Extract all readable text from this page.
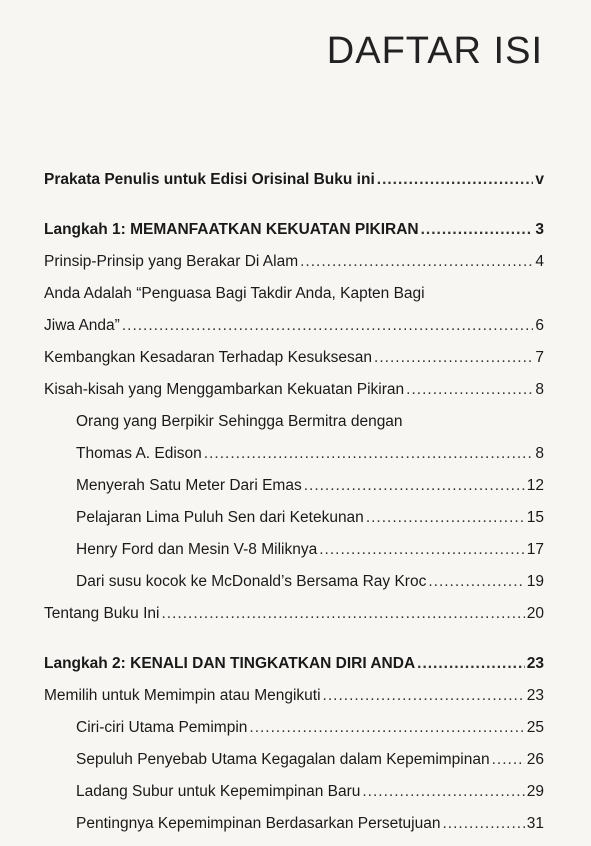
DAFTAR ISI
Prakata Penulis untuk Edisi Orisinal Buku ini .....	v
Langkah 1: MEMANFAATKAN KEKUATAN PIKIRAN .....	3
Prinsip-Prinsip yang Berakar Di Alam .....	4
Anda Adalah “Penguasa Bagi Takdir Anda, Kapten Bagi
Jiwa Anda” .....	6
Kembangkan Kesadaran Terhadap Kesuksesan .....	7
Kisah-kisah yang Menggambarkan Kekuatan Pikiran .....	8
Orang yang Berpikir Sehingga Bermitra dengan
Thomas A. Edison .....	8
Menyerah Satu Meter Dari Emas .....	12
Pelajaran Lima Puluh Sen dari Ketekunan .....	15
Henry Ford dan Mesin V-8 Miliknya .....	17
Dari susu kocok ke McDonald’s Bersama Ray Kroc .....	19
Tentang Buku Ini .....	20
Langkah 2: KENALI DAN TINGKATKAN DIRI ANDA .....	23
Memilih untuk Memimpin atau Mengikuti .....	23
Ciri-ciri Utama Pemimpin .....	25
Sepuluh Penyebab Utama Kegagalan dalam Kepemimpinan ..... 26
Ladang Subur untuk Kepemimpinan Baru .....	29
Pentingnya Kepemimpinan Berdasarkan Persetujuan .....	31
